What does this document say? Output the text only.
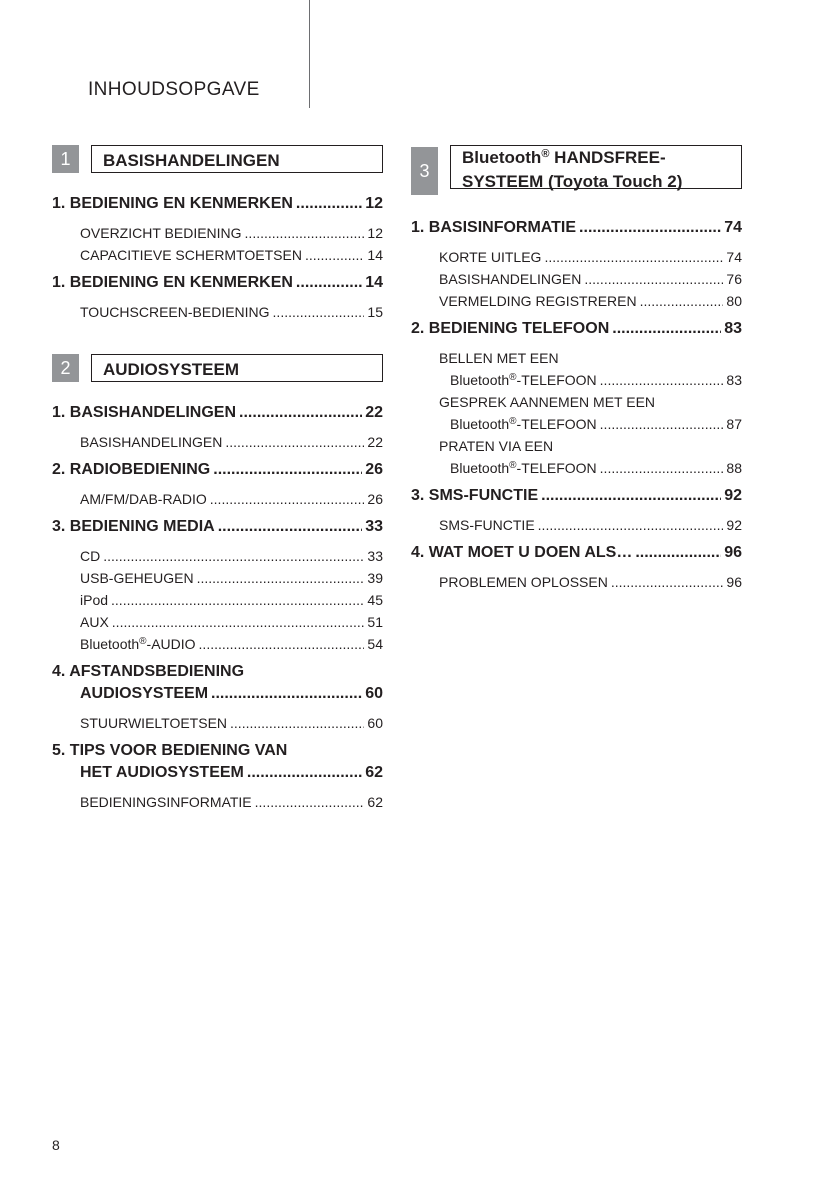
INHOUDSOPGAVE
1	BASISHANDELINGEN
1. BEDIENING EN KENMERKEN .....	12
OVERZICHT BEDIENING .....	12
CAPACITIEVE SCHERMTOETSEN .....	14
1. BEDIENING EN KENMERKEN .....	14
TOUCHSCREEN-BEDIENING .....	15
2	AUDIOSYSTEEM
1. BASISHANDELINGEN .....	22
BASISHANDELINGEN .....	22
2. RADIOBEDIENING .....	26
AM/FM/DAB-RADIO .....	26
3. BEDIENING MEDIA .....	33
CD .....	33
USB-GEHEUGEN .....	39
iPod .....	45
AUX .....	51
Bluetooth®-AUDIO .....	54
4. AFSTANDSBEDIENING
AUDIOSYSTEEM .....	60
STUURWIELTOETSEN .....	60
5. TIPS VOOR BEDIENING VAN
HET AUDIOSYSTEEM .....	62
BEDIENINGSINFORMATIE .....	62
3
Bluetooth® HANDSFREE-
SYSTEEM (Toyota Touch 2)
1. BASISINFORMATIE .....	74
KORTE UITLEG .....	74
BASISHANDELINGEN .....	76
VERMELDING REGISTREREN .....	80
2. BEDIENING TELEFOON .....	83
BELLEN MET EEN
Bluetooth®-TELEFOON .....	83
GESPREK AANNEMEN MET EEN
Bluetooth®-TELEFOON .....	87
PRATEN VIA EEN
Bluetooth®-TELEFOON .....	88
3. SMS-FUNCTIE .....	92
SMS-FUNCTIE .....	92
4. WAT MOET U DOEN ALS… .....	96
PROBLEMEN OPLOSSEN .....	96
8
